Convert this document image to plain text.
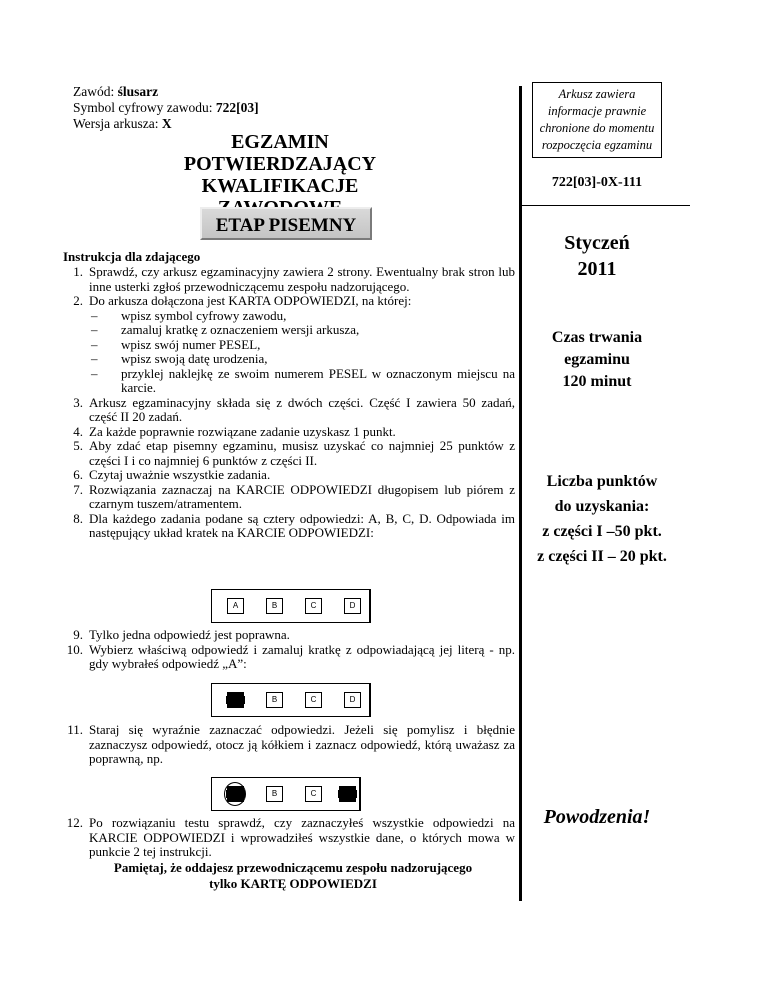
Zawód: ślusarz
Symbol cyfrowy zawodu: 722[03]
Wersja arkusza: X
EGZAMIN
POTWIERDZAJĄCY KWALIFIKACJE
ETAP PISEMNY
Instrukcja dla zdającego
1. Sprawdź, czy arkusz egzaminacyjny zawiera 2 strony. Ewentualny brak stron lub inne usterki zgłoś przewodniczącemu zespołu nadzorującego.
2. Do arkusza dołączona jest KARTA ODPOWIEDZI, na której:
–	wpisz symbol cyfrowy zawodu,
–	zamaluj kratkę z oznaczeniem wersji arkusza,
–	wpisz swój numer PESEL,
–	wpisz swoją datę urodzenia,
–	przyklej naklejkę ze swoim numerem PESEL w oznaczonym miejscu na karcie.
3. Arkusz egzaminacyjny składa się z dwóch części. Część I zawiera 50 zadań, część II 20 zadań.
4. Za każde poprawnie rozwiązane zadanie uzyskasz 1 punkt.
5. Aby zdać etap pisemny egzaminu, musisz uzyskać co najmniej 25 punktów z części I i co najmniej 6 punktów z części II.
6. Czytaj uważnie wszystkie zadania.
7. Rozwiązania zaznaczaj na KARCIE ODPOWIEDZI długopisem lub piórem z czarnym tuszem/atramentem.
8. Dla każdego zadania podane są cztery odpowiedzi: A, B, C, D. Odpowiada im następujący układ kratek na KARCIE ODPOWIEDZI:
A	B	C	D
9. Tylko jedna odpowiedź jest poprawna.
10. Wybierz właściwą odpowiedź i zamaluj kratkę z odpowiadającą jej literą - np. gdy wybrałeś odpowiedź „A”:
B	C	D
11. Staraj się wyraźnie zaznaczać odpowiedzi. Jeżeli się pomylisz i błędnie zaznaczysz odpowiedź, otocz ją kółkiem i zaznacz odpowiedź, którą uważasz za poprawną, np.
B	C
12. Po rozwiązaniu testu sprawdź, czy zaznaczyłeś wszystkie odpowiedzi na KARCIE ODPOWIEDZI i wprowadziłeś wszystkie dane, o których mowa w punkcie 2 tej instrukcji.
Pamiętaj, że oddajesz przewodniczącemu zespołu nadzorującego
tylko KARTĘ ODPOWIEDZI
Arkusz zawiera
informacje prawnie
chronione do momentu
rozpoczęcia egzaminu
722[03]-0X-111
Styczeń
2011
Czas trwania
egzaminu
120 minut
Liczba punktów
do uzyskania:
z części I –50 pkt.
z części II – 20 pkt.
Powodzenia!
